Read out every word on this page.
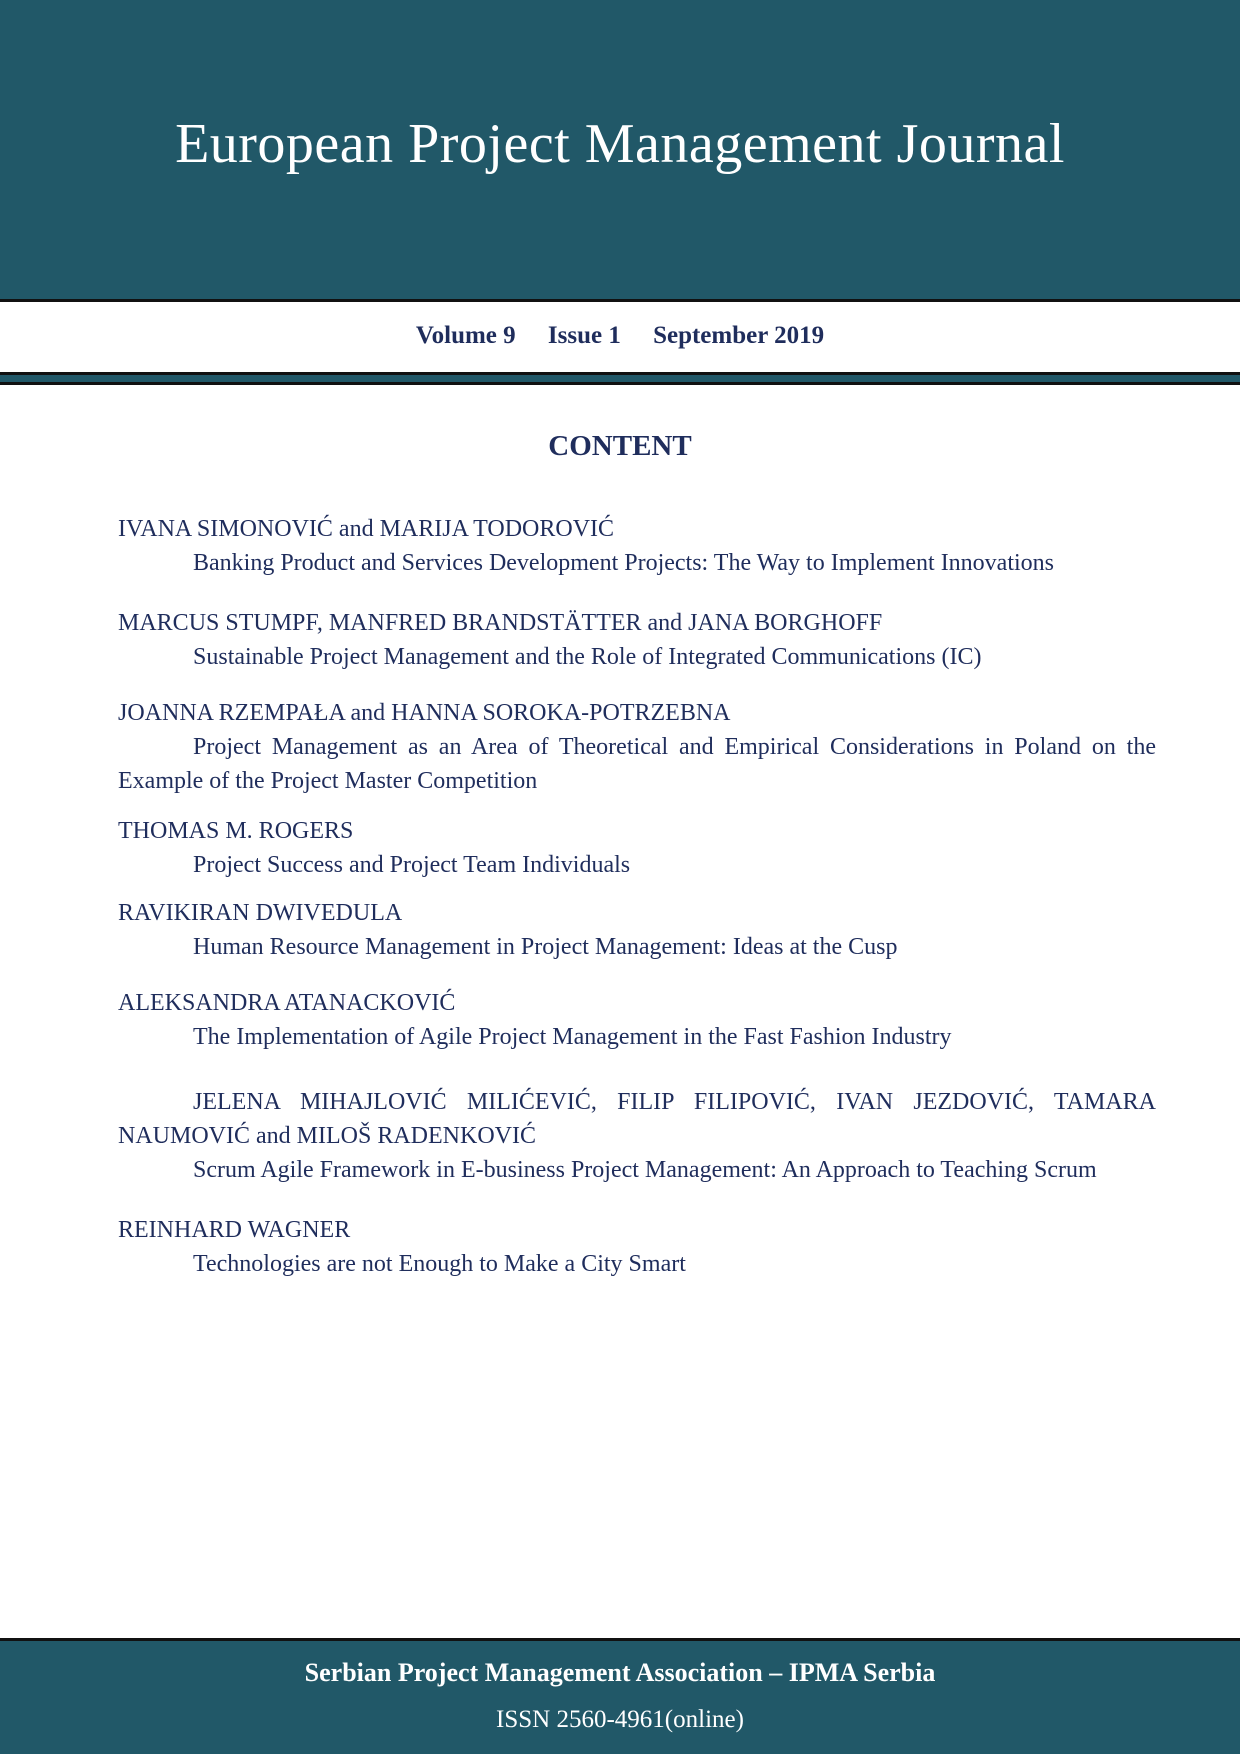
European Project Management Journal
Volume 9 Issue 1 September 2019
CONTENT

IVANA SIMONOVIĆ and MARIJA TODOROVIĆ

Banking Product and Services Development Projects: The Way to Implement Innovations

MARCUS STUMPF, MANFRED BRANDSTÄTTER and JANA BORGHOFF

Sustainable Project Management and the Role of Integrated Communications (IC)

JOANNA RZEMPAŁA and HANNA SOROKA-POTRZEBNA

Project Management as an Area of Theoretical and Empirical Considerations in Poland on the Example of the Project Master Competition

THOMAS M. ROGERS

Project Success and Project Team Individuals

RAVIKIRAN DWIVEDULA

Human Resource Management in Project Management: Ideas at the Cusp

ALEKSANDRA ATANACKOVIĆ

The Implementation of Agile Project Management in the Fast Fashion Industry

JELENA MIHAJLOVIĆ MILIĆEVIĆ, FILIP FILIPOVIĆ, IVAN JEZDOVIĆ, TAMARA NAUMOVIĆ and MILOŠ RADENKOVIĆ

Scrum Agile Framework in E-business Project Management: An Approach to Teaching Scrum

REINHARD WAGNER

Technologies are not Enough to Make a City Smart

Serbian Project Management Association – IPMA Serbia
ISSN 2560-4961(online)
